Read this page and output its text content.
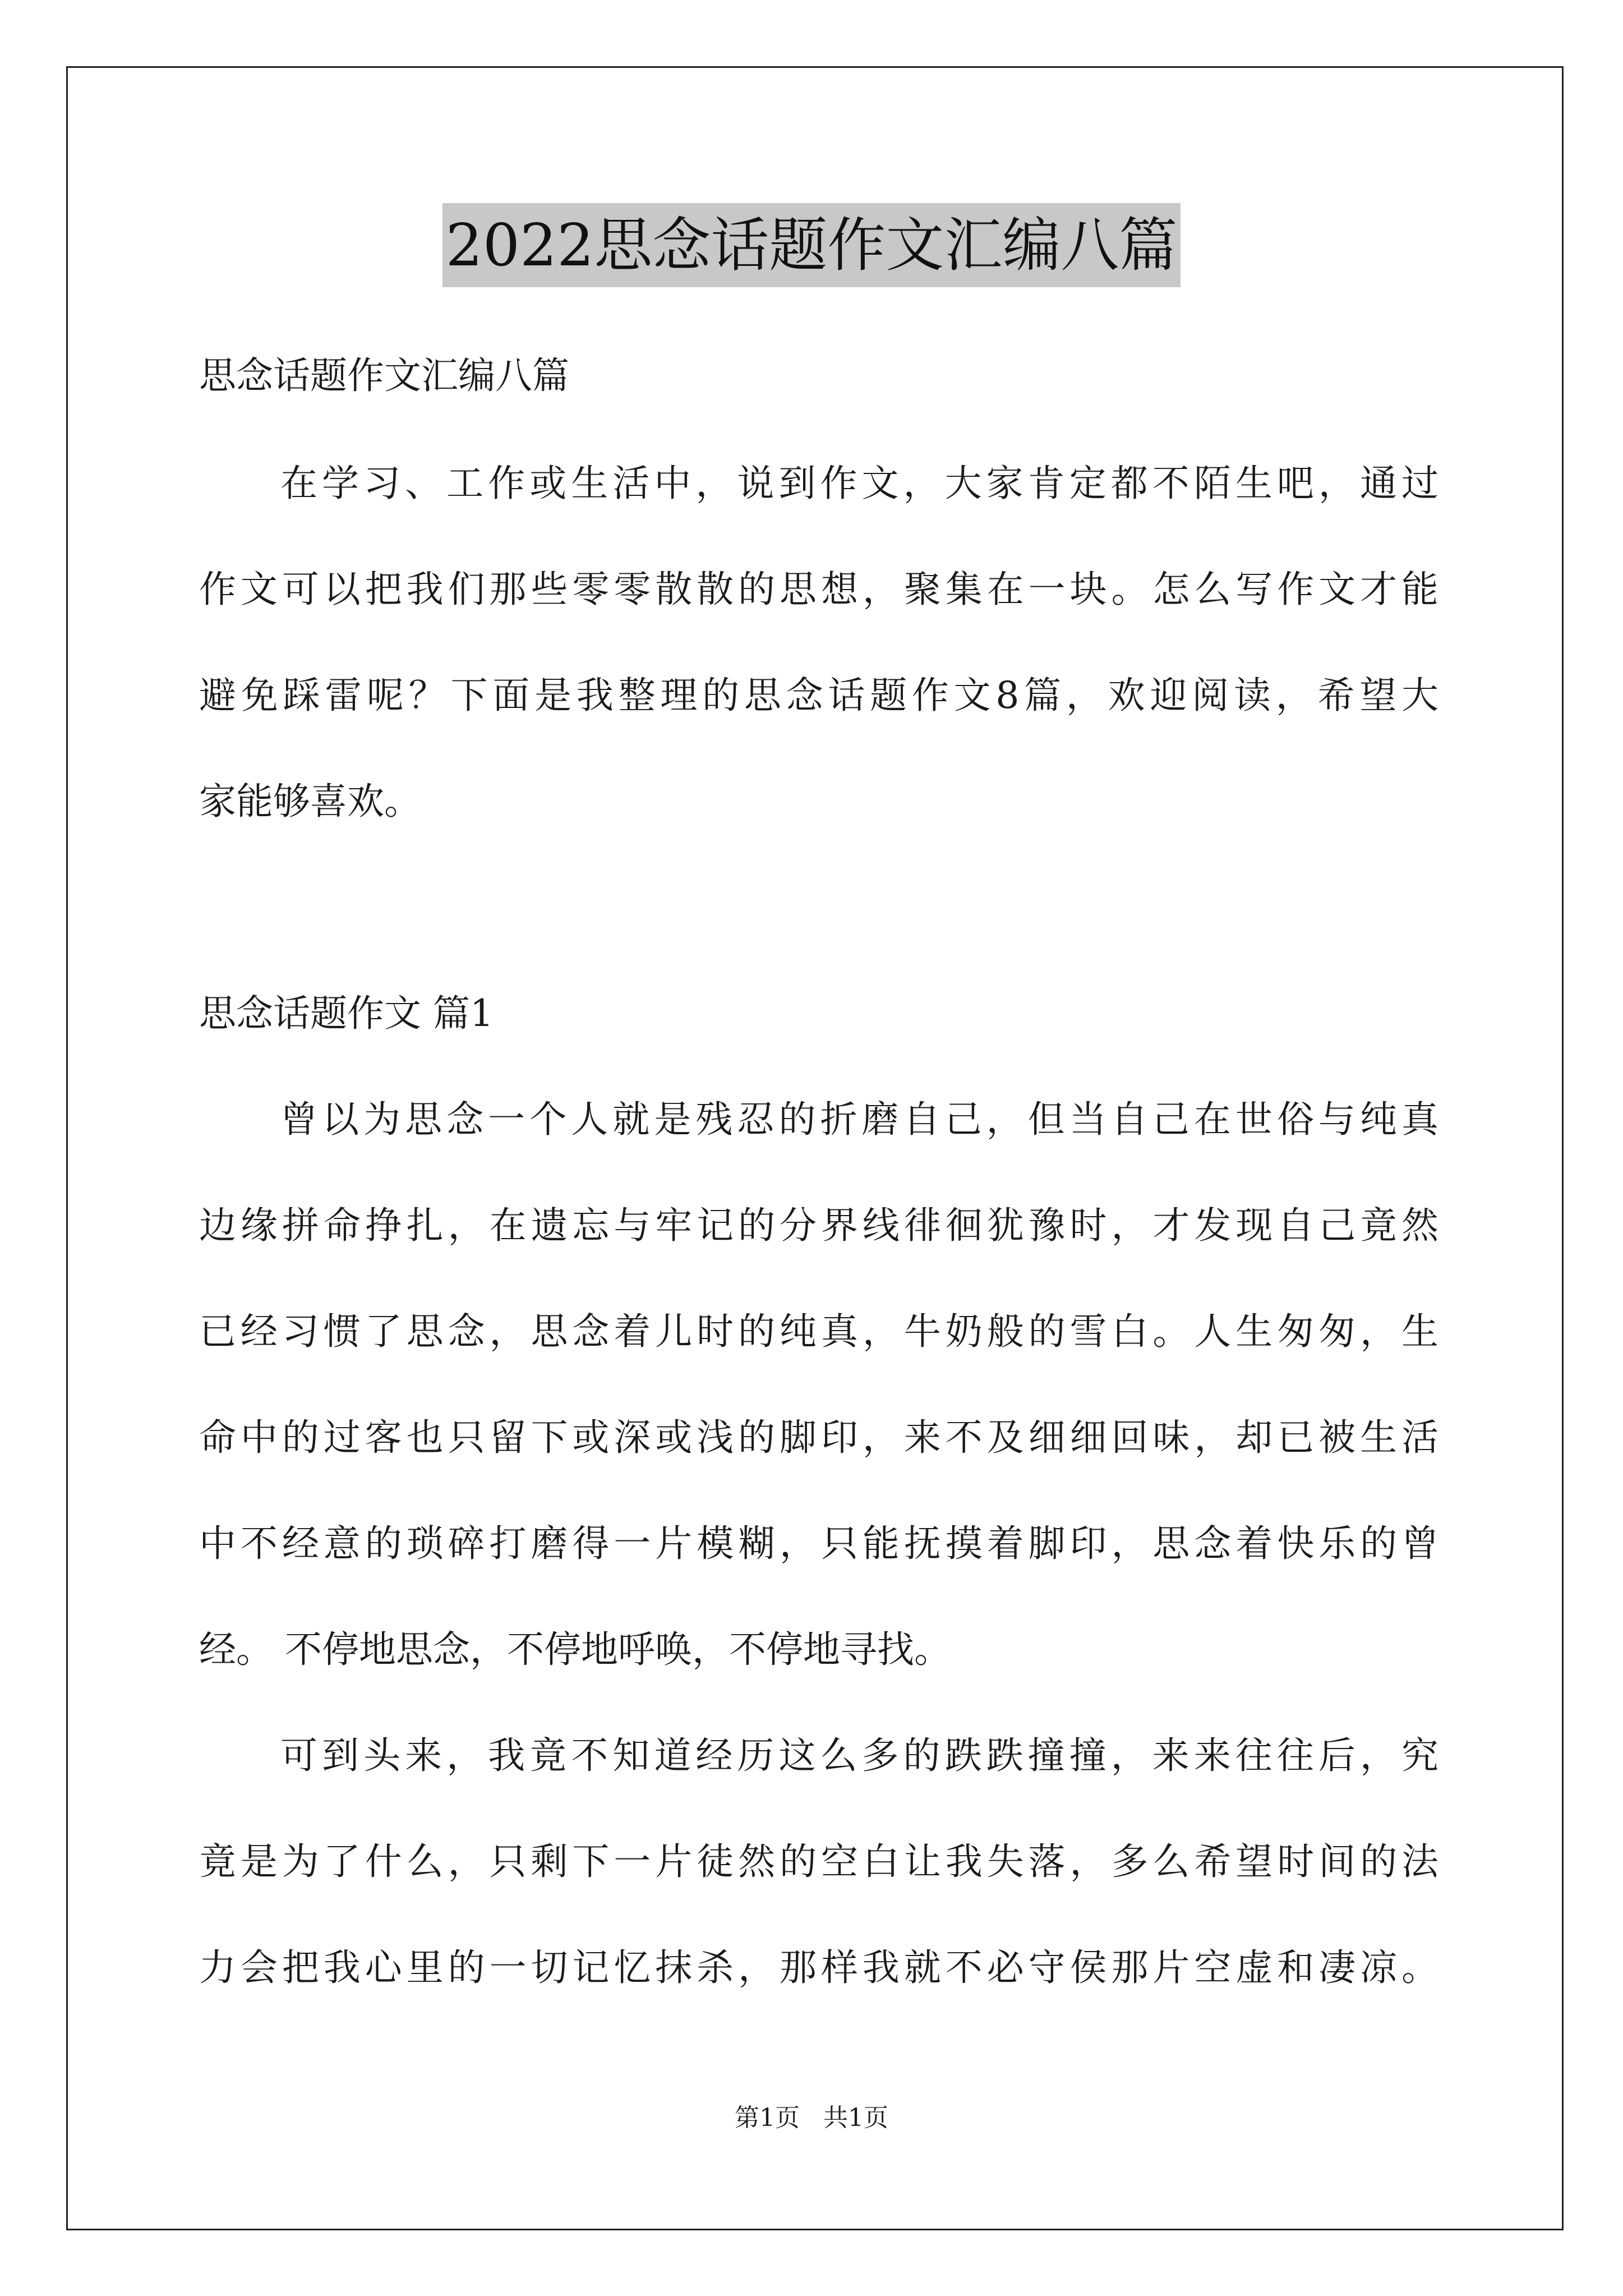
2022思念话题作文汇编八篇
思念话题作文汇编八篇
在学习、工作或生活中，说到作文，大家肯定都不陌生吧，通过
作文可以把我们那些零零散散的思想，聚集在一块。怎么写作文才能
避免踩雷呢？下面是我整理的思念话题作文8篇，欢迎阅读，希望大
家能够喜欢。
思念话题作文 篇1
曾以为思念一个人就是残忍的折磨自己，但当自己在世俗与纯真
边缘拼命挣扎，在遗忘与牢记的分界线徘徊犹豫时，才发现自己竟然
已经习惯了思念，思念着儿时的纯真，牛奶般的雪白。人生匆匆，生
命中的过客也只留下或深或浅的脚印，来不及细细回味，却已被生活
中不经意的琐碎打磨得一片模糊，只能抚摸着脚印，思念着快乐的曾
经。 不停地思念，不停地呼唤，不停地寻找。
可到头来，我竟不知道经历这么多的跌跌撞撞，来来往往后，究
竟是为了什么，只剩下一片徒然的空白让我失落，多么希望时间的法
力会把我心里的一切记忆抹杀，那样我就不必守侯那片空虚和凄凉。
第1页   共1页
